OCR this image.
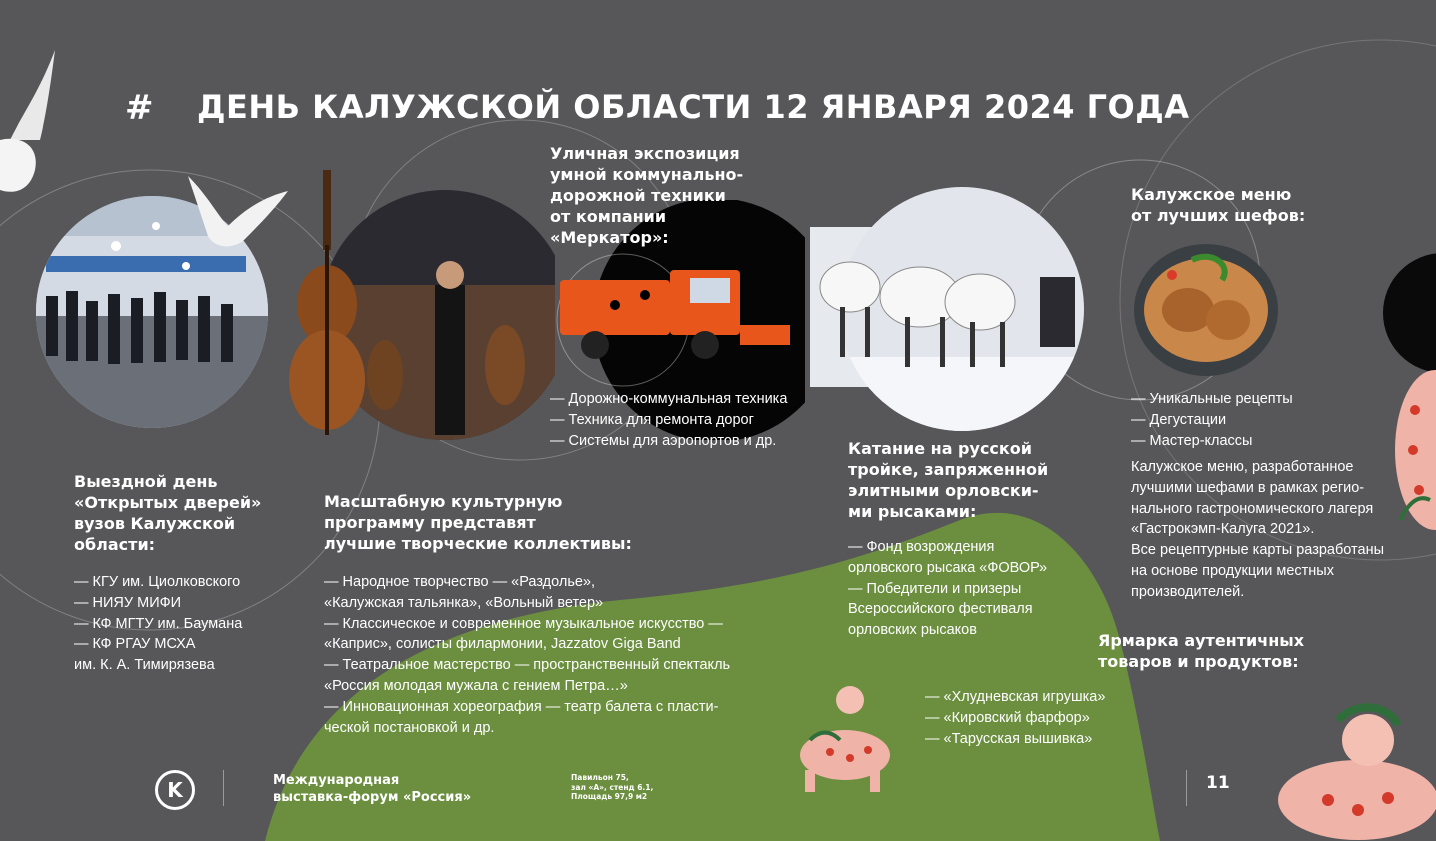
# ДЕНЬ КАЛУЖСКОЙ ОБЛАСТИ 12 ЯНВАРЯ 2024 ГОДА
Выездной день
«Открытых дверей»
вузов Калужской
области:
— КГУ им. Циолковского
— НИЯУ МИФИ
— КФ МГТУ им. Баумана
— КФ РГАУ МСХА
им. К. А. Тимирязева
Масштабную культурную
программу представят
лучшие творческие коллективы:
— Народное творчество — «Раздолье»,
«Калужская тальянка», «Вольный ветер»
— Классическое и современное музыкальное искусство —
«Каприс», солисты филармонии, Jazzatov Giga Band
— Театральное мастерство — пространственный спектакль
«Россия молодая мужала с гением Петра…»
— Инновационная хореография — театр балета с пласти-
ческой постановкой и др.
Уличная экспозиция
умной коммунально-
дорожной техники
от компании
«Меркатор»:
— Дорожно-коммунальная техника
— Техника для ремонта дорог
— Системы для аэропортов и др.	Катание на русской
тройке, запряженной
элитными орловски-
ми рысаками:
— Фонд возрождения
орловского рысака «ФОВОР»
— Победители и призеры
Всероссийского фестиваля
орловских рысаков
Калужское меню
от лучших шефов:
— Уникальные рецепты
— Дегустации
— Мастер-классы
Калужское меню, разработанное
лучшими шефами в рамках регио-
нального гастрономического лагеря
«Гастрокэмп-Калуга 2021».
Все рецептурные карты разработаны
на основе продукции местных
производителей.
Ярмарка аутентичных
товаров и продуктов:
— «Хлудневская игрушка»
— «Кировский фарфор»
— «Тарусская вышивка»
K	Международная
выставка-форум «Россия»
Павильон 75,
зал «А», стенд 6.1,
Площадь 97,9 м2
11
